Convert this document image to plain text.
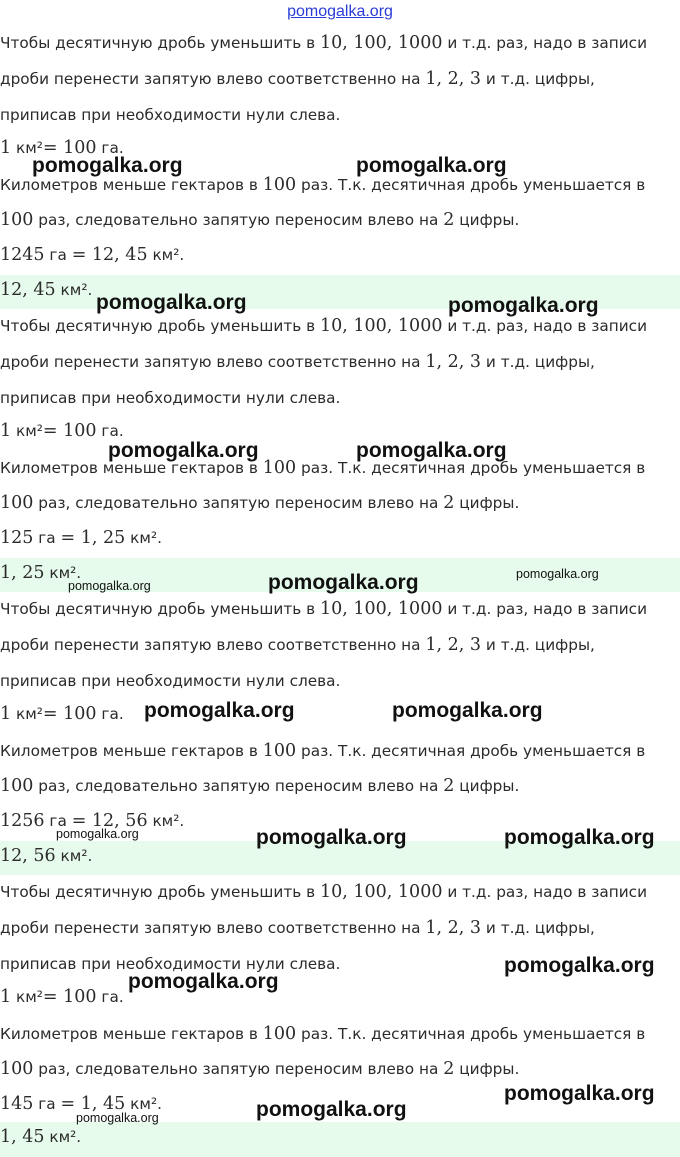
pomogalka.org
Чтобы десятичную дробь уменьшить в 10, 100, 1000 и т.д. раз, надо в записи
дроби перенести запятую влево соответственно на 1, 2, 3 и т.д. цифры,
приписав при необходимости нули слева.
1 км²= 100 га.
Километров меньше гектаров в 100 раз. Т.к. десятичная дробь уменьшается в
100 раз, следовательно запятую переносим влево на 2 цифры.
1245 га = 12, 45 км².
12, 45 км².
Чтобы десятичную дробь уменьшить в 10, 100, 1000 и т.д. раз, надо в записи
дроби перенести запятую влево соответственно на 1, 2, 3 и т.д. цифры,
приписав при необходимости нули слева.
1 км²= 100 га.
Километров меньше гектаров в 100 раз. Т.к. десятичная дробь уменьшается в
100 раз, следовательно запятую переносим влево на 2 цифры.
125 га = 1, 25 км².
1, 25 км².
Чтобы десятичную дробь уменьшить в 10, 100, 1000 и т.д. раз, надо в записи
дроби перенести запятую влево соответственно на 1, 2, 3 и т.д. цифры,
приписав при необходимости нули слева.
1 км²= 100 га.
Километров меньше гектаров в 100 раз. Т.к. десятичная дробь уменьшается в
100 раз, следовательно запятую переносим влево на 2 цифры.
1256 га = 12, 56 км².
12, 56 км².
Чтобы десятичную дробь уменьшить в 10, 100, 1000 и т.д. раз, надо в записи
дроби перенести запятую влево соответственно на 1, 2, 3 и т.д. цифры,
приписав при необходимости нули слева.
1 км²= 100 га.
Километров меньше гектаров в 100 раз. Т.к. десятичная дробь уменьшается в
100 раз, следовательно запятую переносим влево на 2 цифры.
145 га = 1, 45 км².
1, 45 км².
pomogalka.org	pomogalka.org
pomogalka.org	pomogalka.org
pomogalka.org	pomogalka.org
pomogalka.org	pomogalka.org	pomogalka.org
pomogalka.org	pomogalka.org
pomogalka.org	pomogalka.org	pomogalka.org
pomogalka.org
pomogalka.org
pomogalka.org
pomogalka.org	pomogalka.org
